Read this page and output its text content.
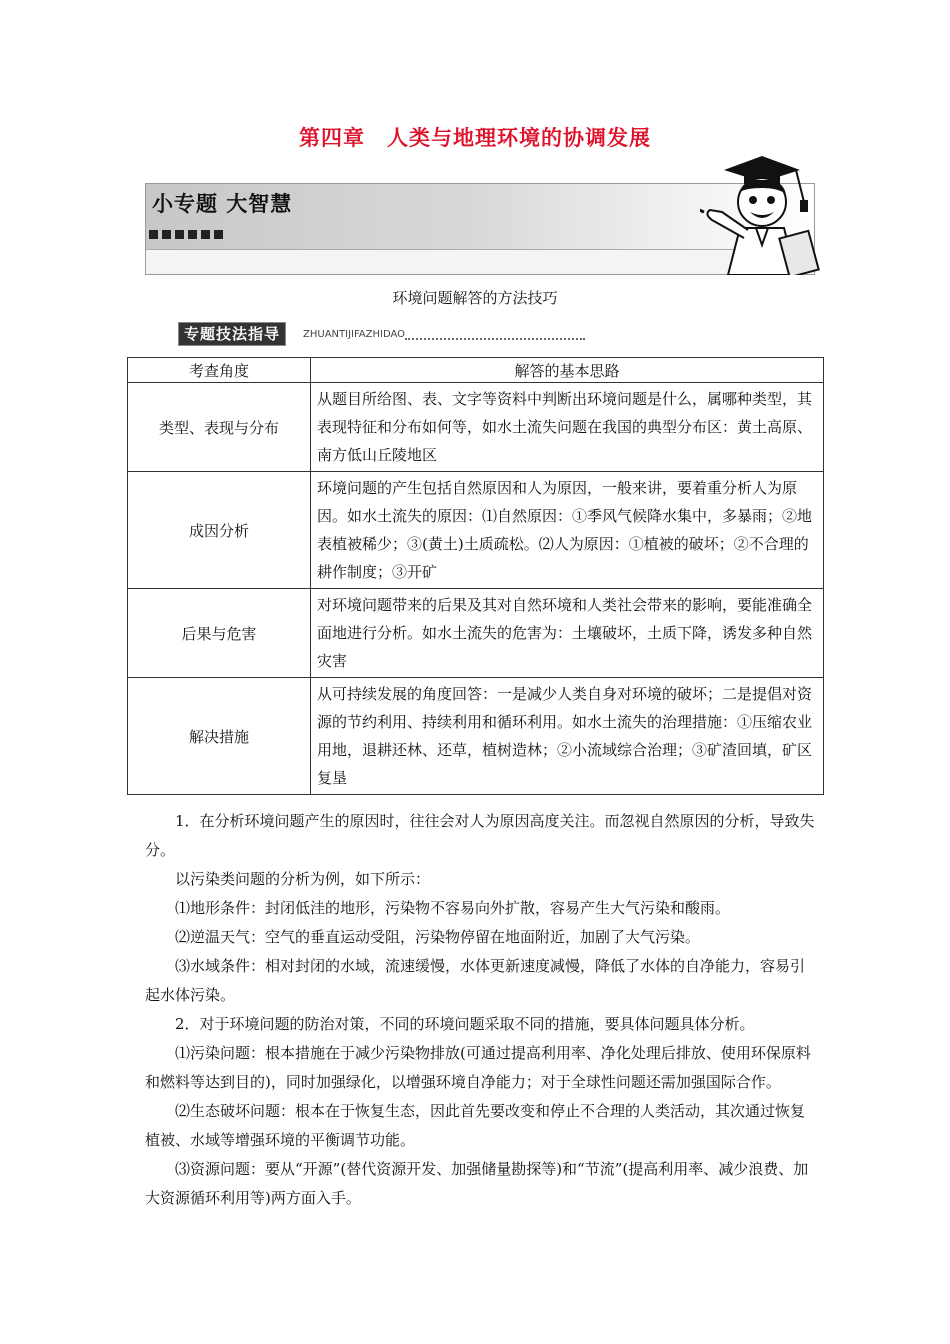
第四章　人类与地理环境的协调发展
小专题 大智慧
环境问题解答的方法技巧
专题技法指导	ZHUANTIJIFAZHIDAO
考查角度	解答的基本思路
类型、表现与分布	从题目所给图、表、文字等资料中判断出环境问题是什么，属哪种类型，其表现特征和分布如何等，如水土流失问题在我国的典型分布区：黄土高原、南方低山丘陵地区
成因分析	环境问题的产生包括自然原因和人为原因，一般来讲，要着重分析人为原因。如水土流失的原因：⑴自然原因：①季风气候降水集中，多暴雨；②地表植被稀少；③(黄土)土质疏松。⑵人为原因：①植被的破坏；②不合理的耕作制度；③开矿
后果与危害	对环境问题带来的后果及其对自然环境和人类社会带来的影响，要能准确全面地进行分析。如水土流失的危害为：土壤破坏，土质下降，诱发多种自然灾害
解决措施	从可持续发展的角度回答：一是减少人类自身对环境的破坏；二是提倡对资源的节约利用、持续利用和循环利用。如水土流失的治理措施：①压缩农业用地，退耕还林、还草，植树造林；②小流域综合治理；③矿渣回填，矿区复垦

1．在分析环境问题产生的原因时，往往会对人为原因高度关注。而忽视自然原因的分析，导致失分。

以污染类问题的分析为例，如下所示：

⑴地形条件：封闭低洼的地形，污染物不容易向外扩散，容易产生大气污染和酸雨。

⑵逆温天气：空气的垂直运动受阻，污染物停留在地面附近，加剧了大气污染。

⑶水域条件：相对封闭的水域，流速缓慢，水体更新速度减慢，降低了水体的自净能力，容易引起水体污染。

2．对于环境问题的防治对策，不同的环境问题采取不同的措施，要具体问题具体分析。

⑴污染问题：根本措施在于减少污染物排放(可通过提高利用率、净化处理后排放、使用环保原料和燃料等达到目的)，同时加强绿化，以增强环境自净能力；对于全球性问题还需加强国际合作。

⑵生态破坏问题：根本在于恢复生态，因此首先要改变和停止不合理的人类活动，其次通过恢复植被、水域等增强环境的平衡调节功能。

⑶资源问题：要从“开源”(替代资源开发、加强储量勘探等)和“节流”(提高利用率、减少浪费、加大资源循环利用等)两方面入手。
